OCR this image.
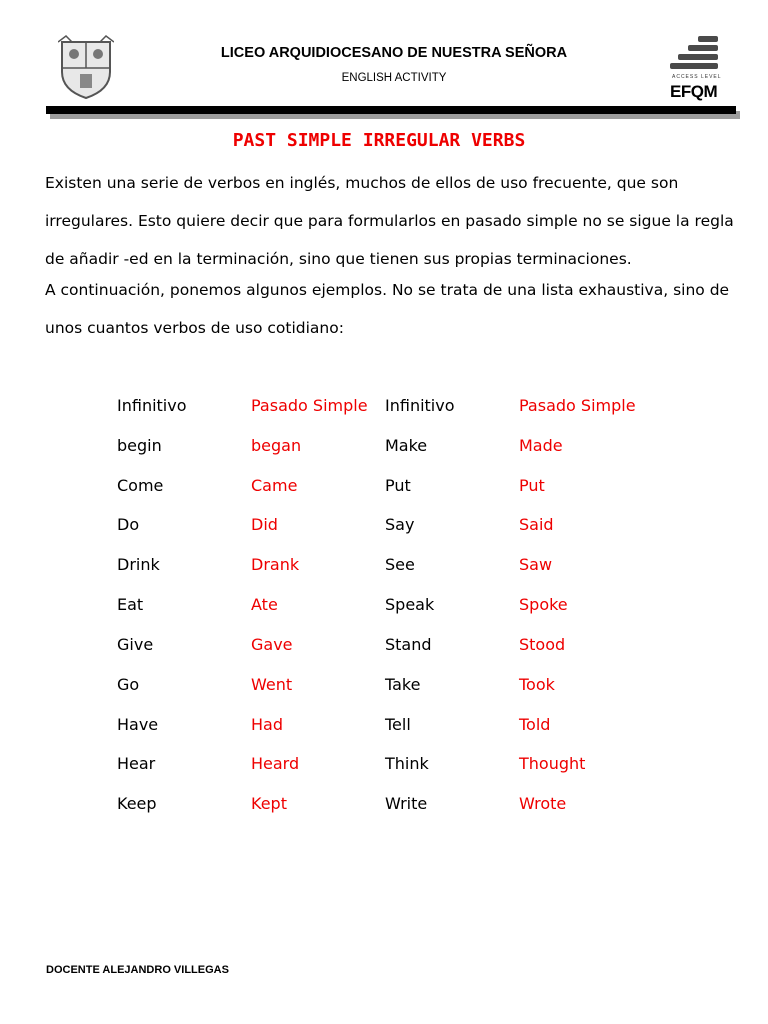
LICEO ARQUIDIOCESANO DE NUESTRA SEÑORA
ENGLISH ACTIVITY	ACCESS LEVEL
EFQM
PAST SIMPLE IRREGULAR VERBS
Existen una serie de verbos en inglés, muchos de ellos de uso frecuente, que son irregulares. Esto quiere decir que para formularlos en pasado simple no se sigue la regla de añadir -ed en la terminación, sino que tienen sus propias terminaciones.
A continuación, ponemos algunos ejemplos. No se trata de una lista exhaustiva, sino de unos cuantos verbos de uso cotidiano:
Infinitivo	Pasado Simple Infinitivo	Pasado Simple
begin	began	Make	Made
Come	Came	Put	Put
Do	Did	Say	Said
Drink	Drank	See	Saw
Eat	Ate	Speak	Spoke
Give	Gave	Stand	Stood
Go	Went	Take	Took
Have	Had	Tell	Told
Hear	Heard	Think	Thought
Keep	Kept	Write	Wrote
DOCENTE ALEJANDRO VILLEGAS
